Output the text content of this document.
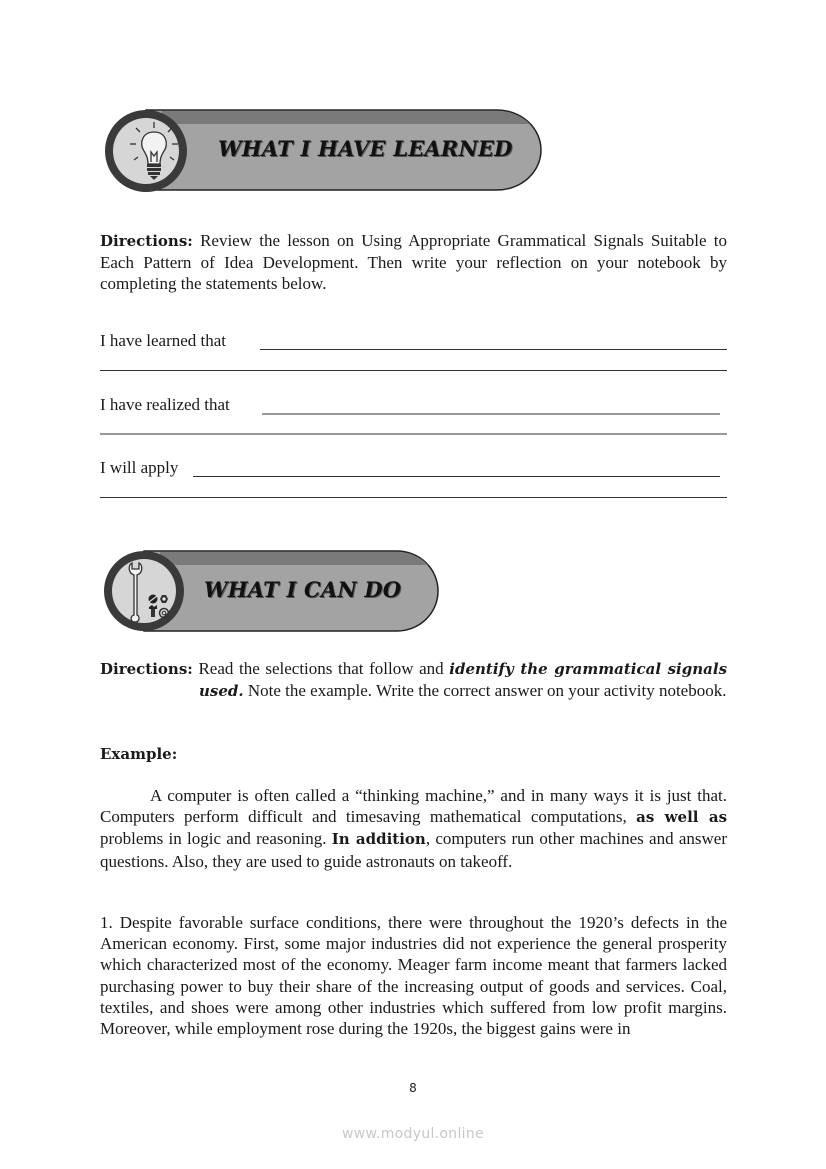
WHAT I HAVE LEARNED
Directions: Review the lesson on Using Appropriate Grammatical Signals Suitable to Each Pattern of Idea Development. Then write your reflection on your notebook by completing the statements below.
I have learned that
I have realized that
I will apply
WHAT I CAN DO
Directions: Read the selections that follow and identify the grammatical signals used. Note the example. Write the correct answer on your activity notebook.
Example:
A computer is often called a “thinking machine,” and in many ways it is just that. Computers perform difficult and timesaving mathematical computations, as well as problems in logic and reasoning. In addition, computers run other machines and answer questions. Also, they are used to guide astronauts on takeoff.
1. Despite favorable surface conditions, there were throughout the 1920’s defects in the American economy. First, some major industries did not experience the general prosperity which characterized most of the economy. Meager farm income meant that farmers lacked purchasing power to buy their share of the increasing output of goods and services. Coal, textiles, and shoes were among other industries which suffered from low profit margins. Moreover, while employment rose during the 1920s, the biggest gains were in
8
www.modyul.online
